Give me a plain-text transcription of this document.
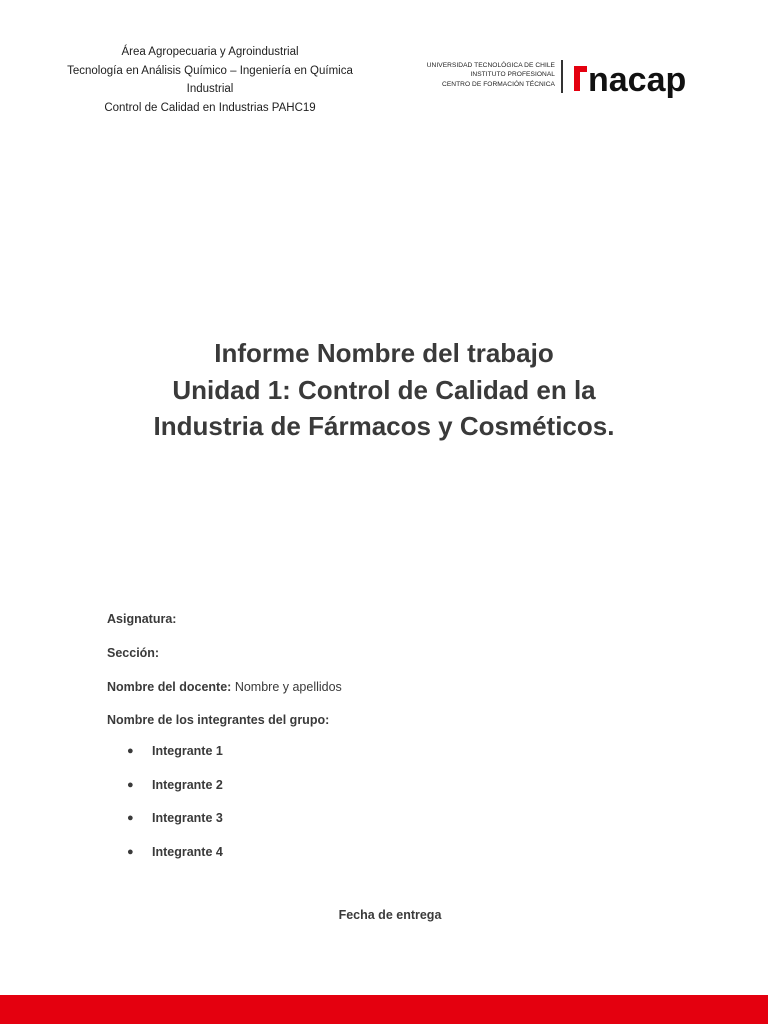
Área Agropecuaria y Agroindustrial
Tecnología en Análisis Químico – Ingeniería en Química
Industrial
Control de Calidad en Industrias PAHC19
UNIVERSIDAD TECNOLÓGICA DE CHILE
INSTITUTO PROFESIONAL
CENTRO DE FORMACIÓN TÉCNICA nacap
Informe Nombre del trabajo
Unidad 1: Control de Calidad en la
Industria de Fármacos y Cosméticos.
Asignatura:
Sección:
Nombre del docente: Nombre y apellidos
Nombre de los integrantes del grupo:
● Integrante 1
● Integrante 2
● Integrante 3
● Integrante 4
Fecha de entrega
